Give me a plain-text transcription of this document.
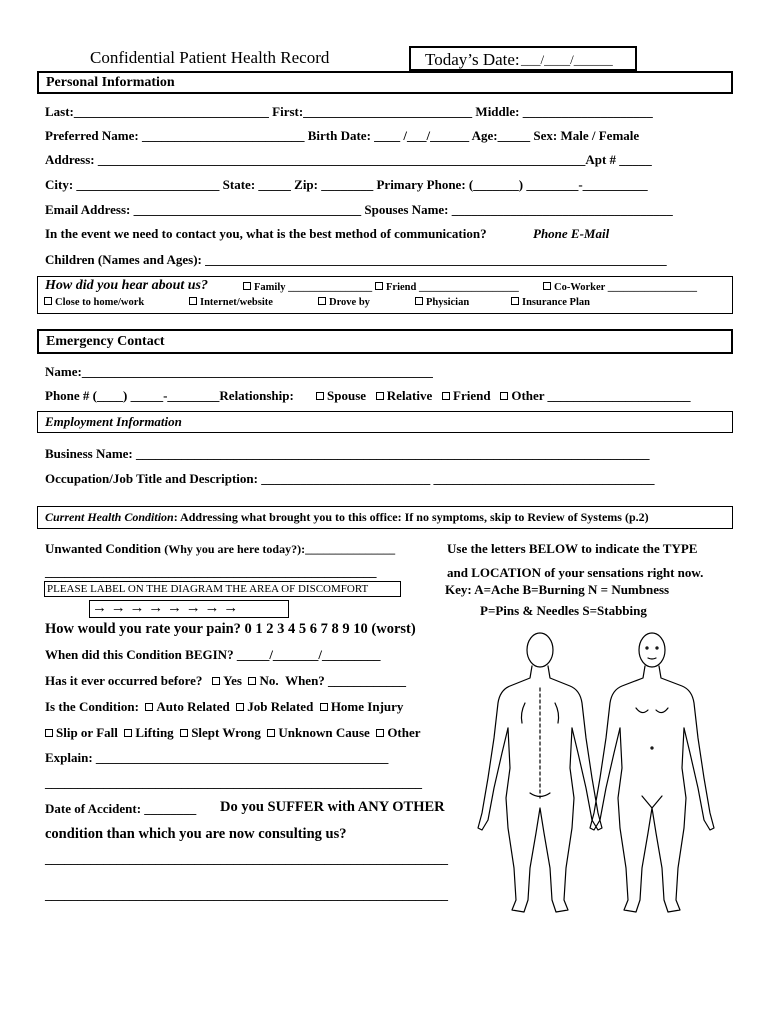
Confidential Patient Health Record	Today’s Date: ___/____/______
Personal Information
Last:______________________________ First:__________________________ Middle: ____________________
Preferred Name: _________________________ Birth Date: ____ /___/______ Age:_____ Sex: Male / Female
Address: ___________________________________________________________________________Apt # _____
City: ______________________ State: _____ Zip: ________ Primary Phone: (_______) ________-__________
Email Address: ___________________________________ Spouses Name: __________________________________
In the event we need to contact you, what is the best method of communication?	Phone E-Mail
Children (Names and Ages): _______________________________________________________________________
How did you hear about us?	Family ________________	Friend ___________________	Co-Worker _________________
Close to home/work	Internet/website	Drove by	Physician	Insurance Plan
Emergency Contact
Name:______________________________________________________
Phone # (____) _____-________Relationship:	Spouse Relative Friend Other ______________________
Employment Information
Business Name: _______________________________________________________________________________
Occupation/Job Title and Description: __________________________ __________________________________
Current Health Condition: Addressing what brought you to this office: If no symptoms, skip to Review of Systems (p.2)
Unwanted Condition (Why you are here today?):_______________
___________________________________________________
PLEASE LABEL ON THE DIAGRAM THE AREA OF DISCOMFORT
→ → → → → → → →
How would you rate your pain? 0 1 2 3 4 5 6 7 8 9 10 (worst)
When did this Condition BEGIN? _____/_______/_________
Has it ever occurred before? Yes No. When? ____________
Is the Condition: Auto Related Job Related Home Injury
Slip or Fall Lifting Slept Wrong Unknown Cause Other
Explain: _____________________________________________
__________________________________________________________
Date of Accident: ________ Do you SUFFER with ANY OTHER
condition than which you are now consulting us?
______________________________________________________________
______________________________________________________________
Use the letters BELOW to indicate the TYPE
and LOCATION of your sensations right now.
Key: A=Ache B=Burning N = Numbness
P=Pins & Needles S=Stabbing
